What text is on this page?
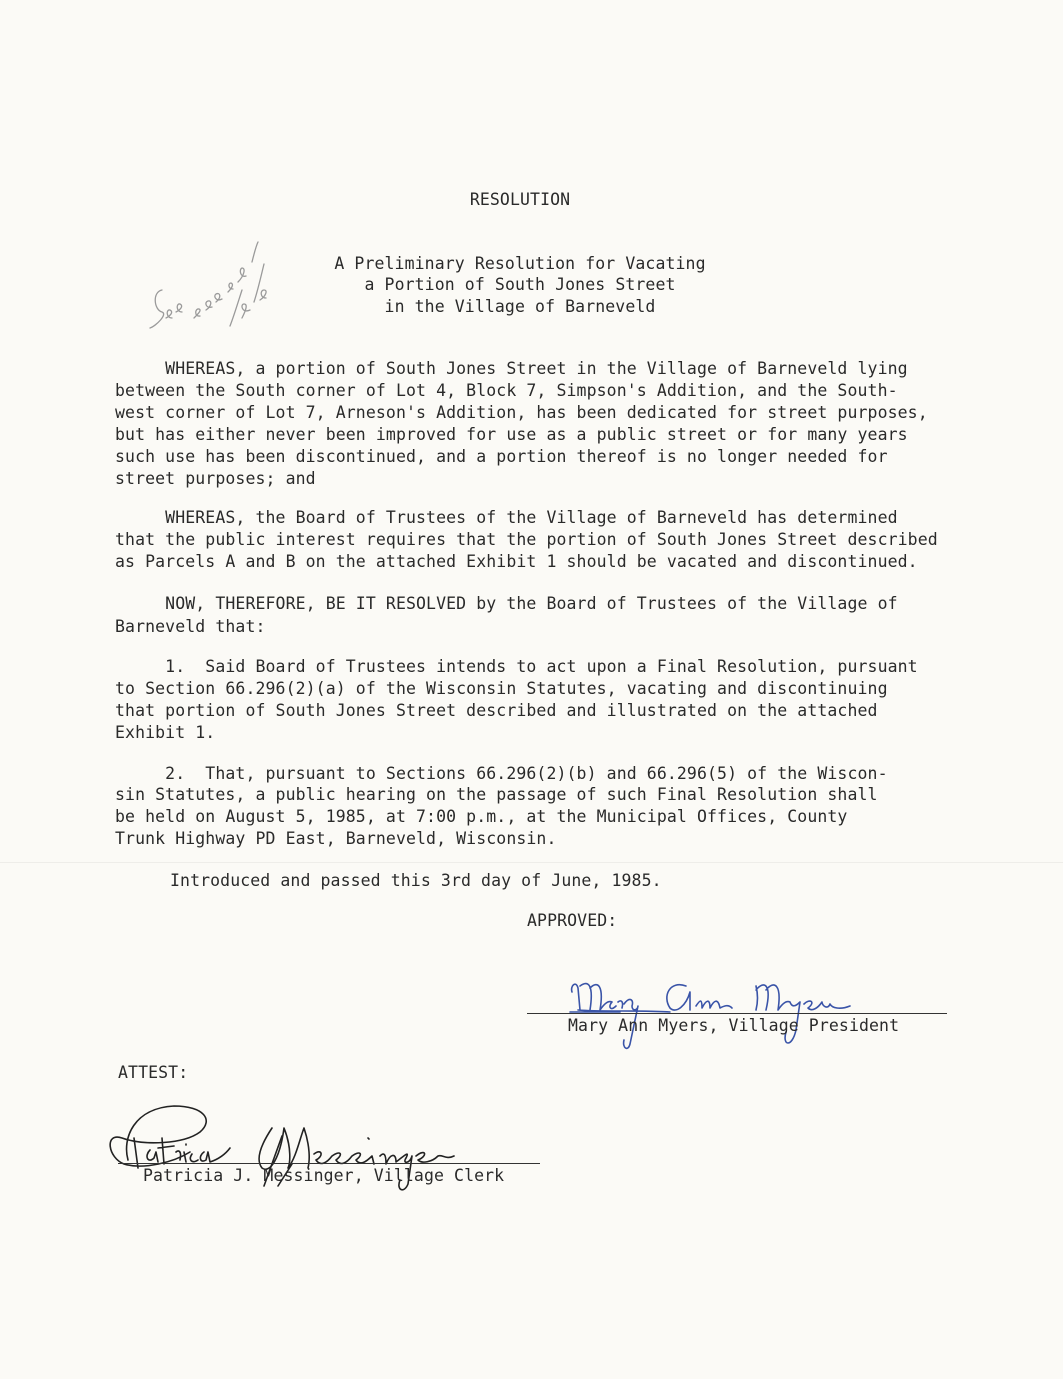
RESOLUTION
A Preliminary Resolution for Vacating
a Portion of South Jones Street
in the Village of Barneveld
WHEREAS, a portion of South Jones Street in the Village of Barneveld lying
between the South corner of Lot 4, Block 7, Simpson's Addition, and the South-
west corner of Lot 7, Arneson's Addition, has been dedicated for street purposes,
but has either never been improved for use as a public street or for many years
such use has been discontinued, and a portion thereof is no longer needed for
street purposes; and
WHEREAS, the Board of Trustees of the Village of Barneveld has determined
that the public interest requires that the portion of South Jones Street described
as Parcels A and B on the attached Exhibit 1 should be vacated and discontinued.
NOW, THEREFORE, BE IT RESOLVED by the Board of Trustees of the Village of
Barneveld that:
1.  Said Board of Trustees intends to act upon a Final Resolution, pursuant
to Section 66.296(2)(a) of the Wisconsin Statutes, vacating and discontinuing
that portion of South Jones Street described and illustrated on the attached
Exhibit 1.
2.  That, pursuant to Sections 66.296(2)(b) and 66.296(5) of the Wiscon-
sin Statutes, a public hearing on the passage of such Final Resolution shall
be held on August 5, 1985, at 7:00 p.m., at the Municipal Offices, County
Trunk Highway PD East, Barneveld, Wisconsin.
Introduced and passed this 3rd day of June, 1985.
APPROVED:
Mary Ann Myers, Village President
ATTEST:
Patricia J. Messinger, Village Clerk
